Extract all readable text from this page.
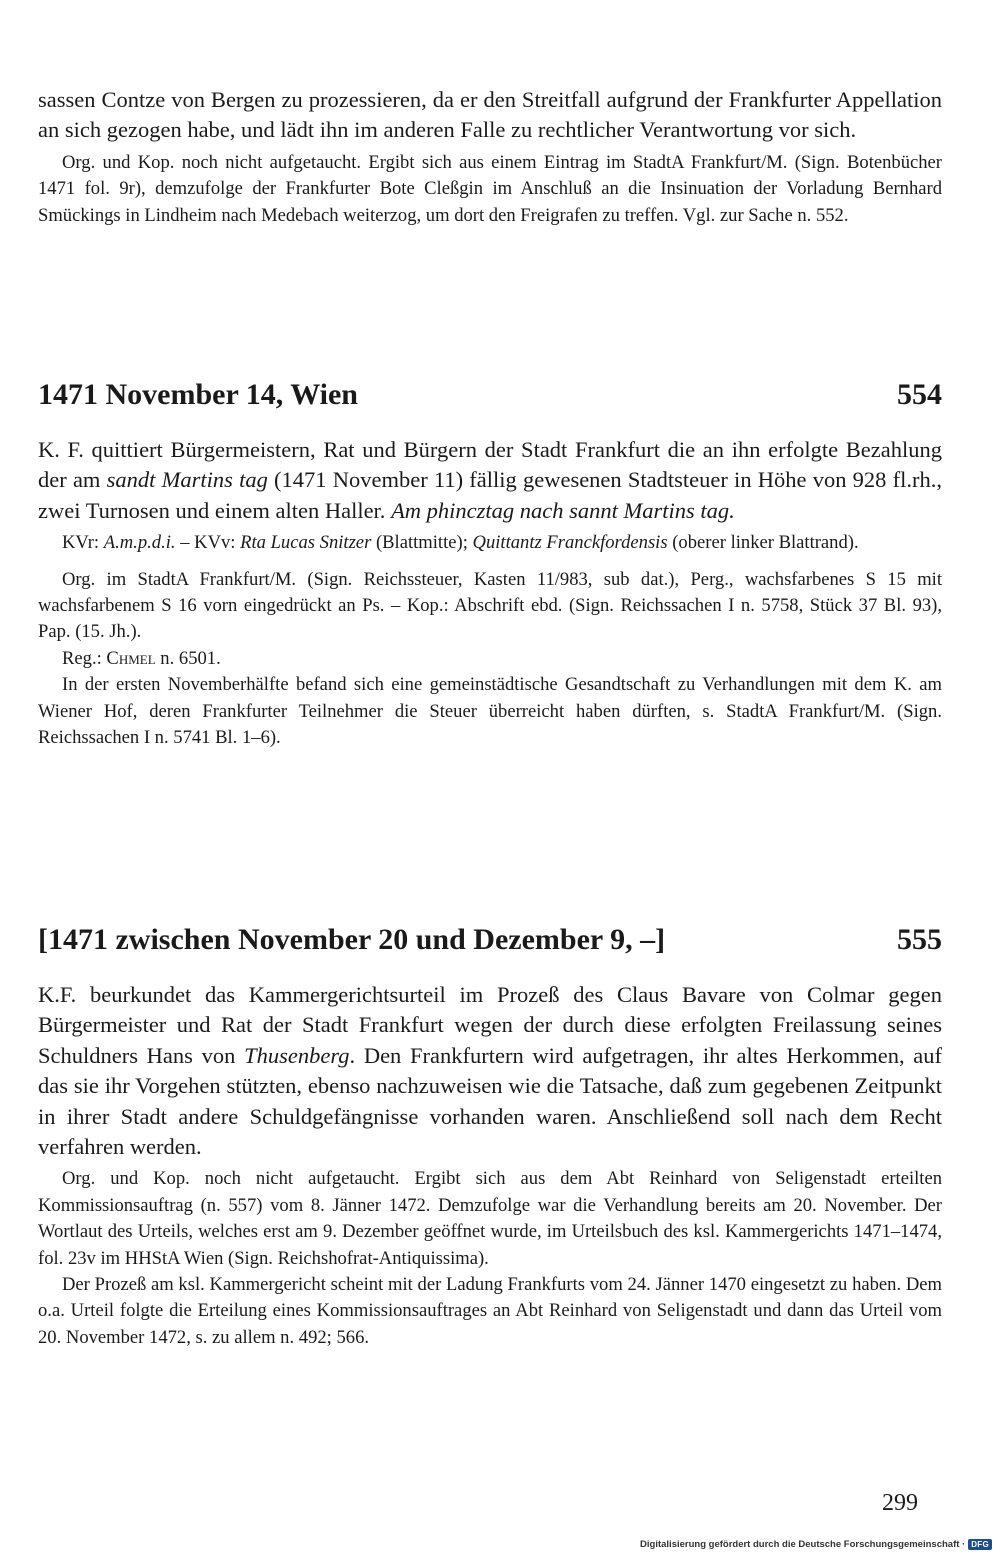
sassen Contze von Bergen zu prozessieren, da er den Streitfall aufgrund der Frankfurter Appellation an sich gezogen habe, und lädt ihn im anderen Falle zu rechtlicher Verantwortung vor sich.

Org. und Kop. noch nicht aufgetaucht. Ergibt sich aus einem Eintrag im StadtA Frankfurt/M. (Sign. Botenbücher 1471 fol. 9r), demzufolge der Frankfurter Bote Cleßgin im Anschluß an die Insinuation der Vorladung Bernhard Smückings in Lindheim nach Medebach weiterzog, um dort den Freigrafen zu treffen. Vgl. zur Sache n. 552.

1471 November 14, Wien	554

K. F. quittiert Bürgermeistern, Rat und Bürgern der Stadt Frankfurt die an ihn erfolgte Bezahlung der am sandt Martins tag (1471 November 11) fällig gewesenen Stadtsteuer in Höhe von 928 fl.rh., zwei Turnosen und einem alten Haller. Am phincztag nach sannt Martins tag.

KVr: A.m.p.d.i. – KVv: Rta Lucas Snitzer (Blattmitte); Quittantz Franckfordensis (oberer linker Blattrand).

Org. im StadtA Frankfurt/M. (Sign. Reichssteuer, Kasten 11/983, sub dat.), Perg., wachsfarbenes S 15 mit wachsfarbenem S 16 vorn eingedrückt an Ps. – Kop.: Abschrift ebd. (Sign. Reichssachen I n. 5758, Stück 37 Bl. 93), Pap. (15. Jh.).

Reg.: Chmel n. 6501.

In der ersten Novemberhälfte befand sich eine gemeinstädtische Gesandtschaft zu Verhandlungen mit dem K. am Wiener Hof, deren Frankfurter Teilnehmer die Steuer überreicht haben dürften, s. StadtA Frankfurt/M. (Sign. Reichssachen I n. 5741 Bl. 1–6).

[1471 zwischen November 20 und Dezember 9, –]	555

K.F. beurkundet das Kammergerichtsurteil im Prozeß des Claus Bavare von Colmar gegen Bürgermeister und Rat der Stadt Frankfurt wegen der durch diese erfolgten Freilassung seines Schuldners Hans von Thusenberg. Den Frankfurtern wird aufgetragen, ihr altes Herkommen, auf das sie ihr Vorgehen stützten, ebenso nachzuweisen wie die Tatsache, daß zum gegebenen Zeitpunkt in ihrer Stadt andere Schuldgefängnisse vorhanden waren. Anschließend soll nach dem Recht verfahren werden.

Org. und Kop. noch nicht aufgetaucht. Ergibt sich aus dem Abt Reinhard von Seligenstadt erteilten Kommissionsauftrag (n. 557) vom 8. Jänner 1472. Demzufolge war die Verhandlung bereits am 20. November. Der Wortlaut des Urteils, welches erst am 9. Dezember geöffnet wurde, im Urteilsbuch des ksl. Kammergerichts 1471–1474, fol. 23v im HHStA Wien (Sign. Reichshofrat-Antiquissima).

Der Prozeß am ksl. Kammergericht scheint mit der Ladung Frankfurts vom 24. Jänner 1470 eingesetzt zu haben. Dem o.a. Urteil folgte die Erteilung eines Kommissionsauftrages an Abt Reinhard von Seligenstadt und dann das Urteil vom 20. November 1472, s. zu allem n. 492; 566.

299
Digitalisierung gefördert durch die Deutsche Forschungsgemeinschaft · DFG
